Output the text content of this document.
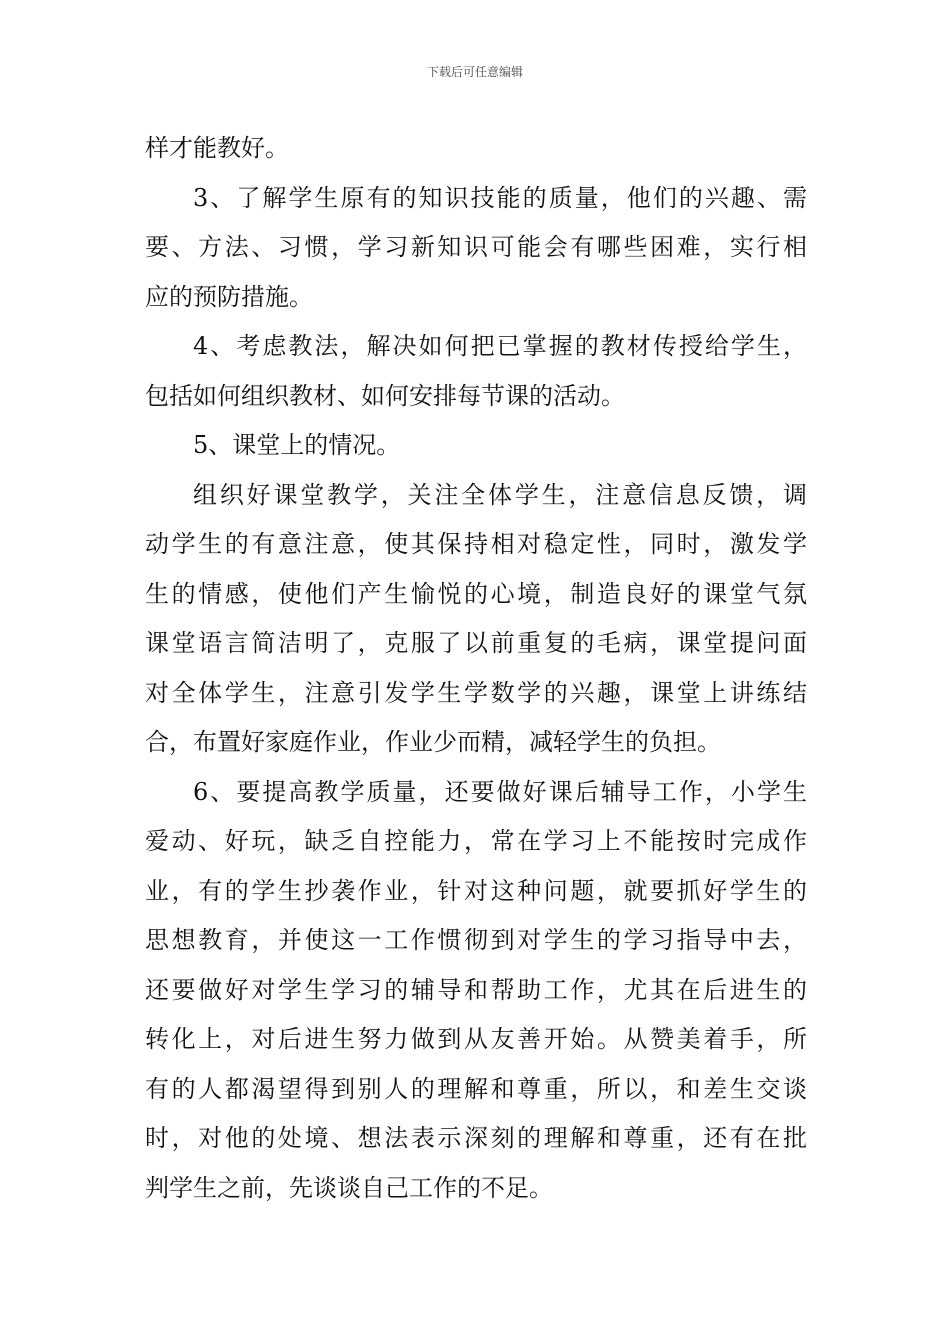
下载后可任意编辑
样才能教好。
3、了解学生原有的知识技能的质量，他们的兴趣、需
要、方法、习惯，学习新知识可能会有哪些困难，实行相
应的预防措施。
4、考虑教法，解决如何把已掌握的教材传授给学生，
包括如何组织教材、如何安排每节课的活动。
5、课堂上的情况。
组织好课堂教学，关注全体学生，注意信息反馈，调
动学生的有意注意，使其保持相对稳定性，同时，激发学
生的情感，使他们产生愉悦的心境，制造良好的课堂气氛
课堂语言简洁明了，克服了以前重复的毛病，课堂提问面
对全体学生，注意引发学生学数学的兴趣，课堂上讲练结
合，布置好家庭作业，作业少而精，减轻学生的负担。
6、要提高教学质量，还要做好课后辅导工作，小学生
爱动、好玩，缺乏自控能力，常在学习上不能按时完成作
业，有的学生抄袭作业，针对这种问题，就要抓好学生的
思想教育，并使这一工作惯彻到对学生的学习指导中去，
还要做好对学生学习的辅导和帮助工作，尤其在后进生的
转化上，对后进生努力做到从友善开始。从赞美着手，所
有的人都渴望得到别人的理解和尊重，所以，和差生交谈
时，对他的处境、想法表示深刻的理解和尊重，还有在批
判学生之前，先谈谈自己工作的不足。
